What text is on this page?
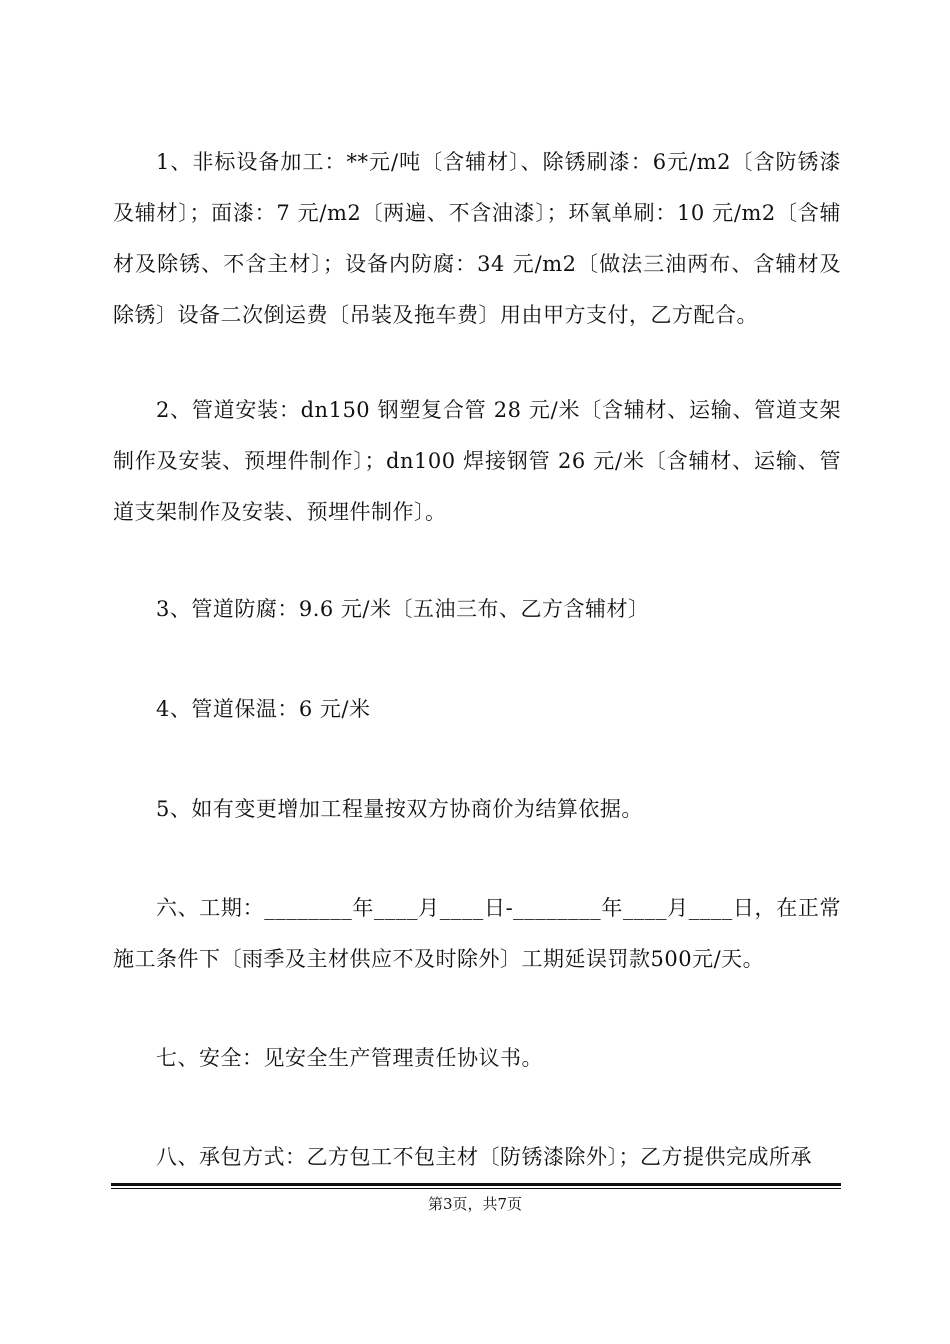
1、非标设备加工：**元/吨〔含辅材〕、除锈刷漆：6元/m2〔含防锈漆及辅材〕；面漆：7 元/m2〔两遍、不含油漆〕；环氧单刷：10 元/m2〔含辅材及除锈、不含主材〕；设备内防腐：34 元/m2〔做法三油两布、含辅材及除锈〕设备二次倒运费〔吊装及拖车费〕用由甲方支付，乙方配合。

2、管道安装：dn150 钢塑复合管 28 元/米〔含辅材、运输、管道支架制作及安装、预埋件制作〕；dn100 焊接钢管 26 元/米〔含辅材、运输、管道支架制作及安装、预埋件制作〕。

3、管道防腐：9.6 元/米〔五油三布、乙方含辅材〕

4、管道保温：6 元/米

5、如有变更增加工程量按双方协商价为结算依据。

六、工期：________年____月____日-________年____月____日，在正常施工条件下〔雨季及主材供应不及时除外〕工期延误罚款500元/天。

七、安全：见安全生产管理责任协议书。

八、承包方式：乙方包工不包主材〔防锈漆除外〕；乙方提供完成所承

第3页，共7页
